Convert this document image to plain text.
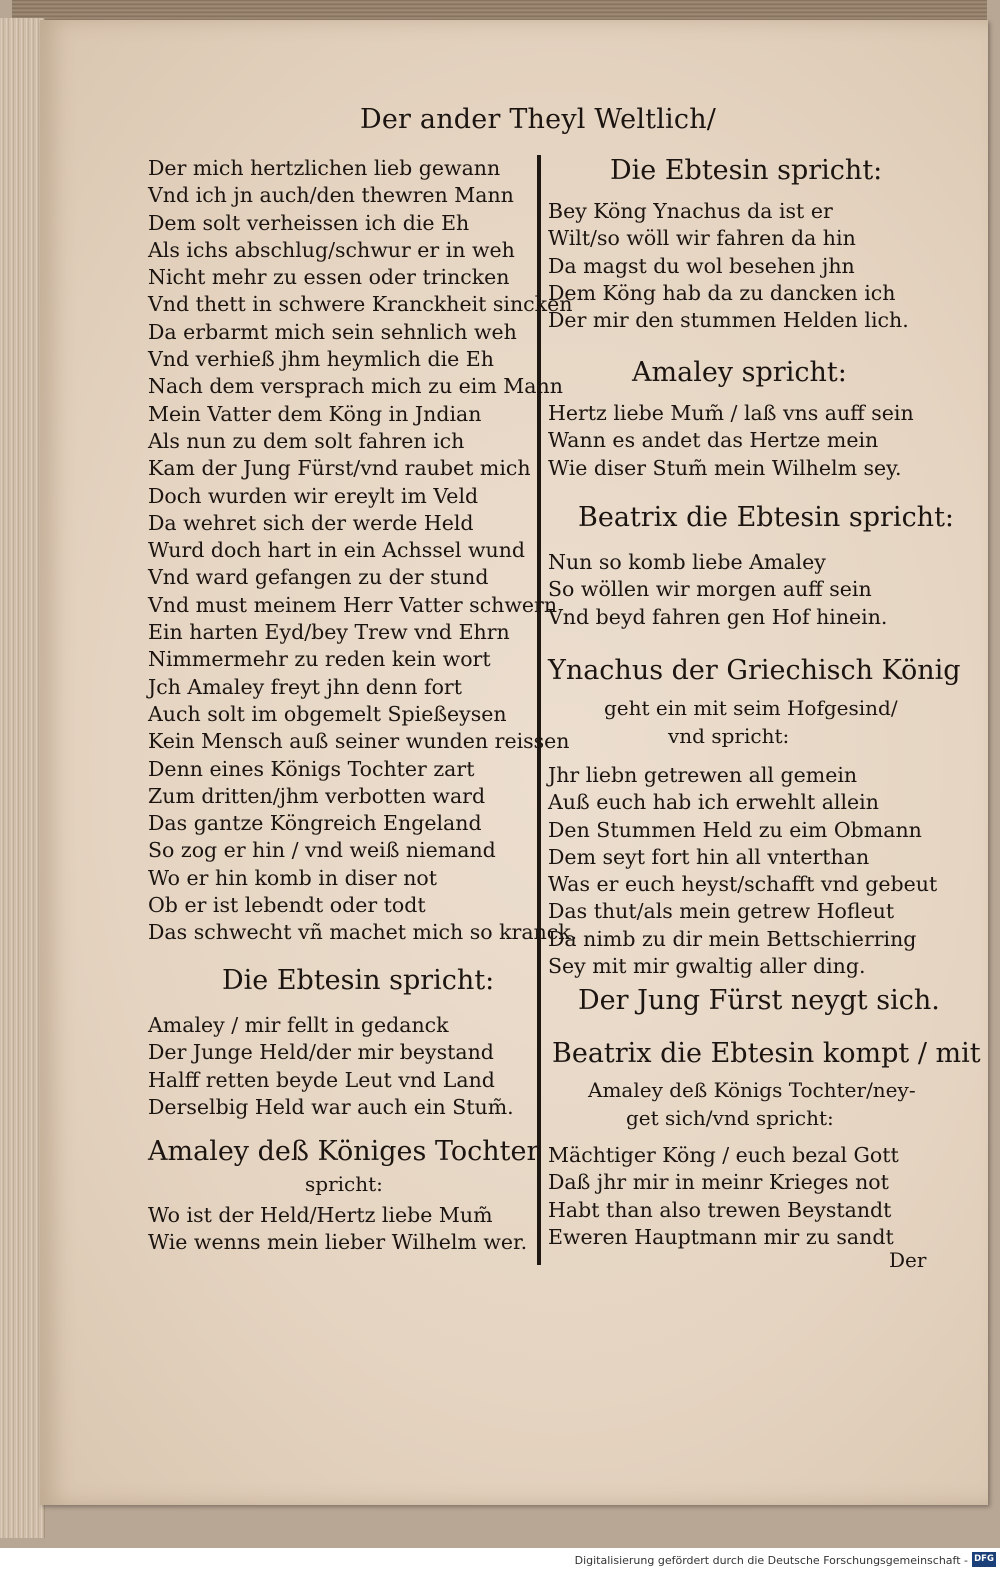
Der ander Theyl Weltlich/
Der mich hertzlichen lieb gewann
Vnd ich jn auch/den thewren Mann
Dem solt verheissen ich die Eh
Als ichs abschlug/schwur er in weh
Nicht mehr zu essen oder trincken
Vnd thett in schwere Kranckheit sincken
Da erbarmt mich sein sehnlich weh
Vnd verhieß jhm heymlich die Eh
Nach dem versprach mich zu eim Mann
Mein Vatter dem Köng in Jndian
Als nun zu dem solt fahren ich
Kam der Jung Fürst/vnd raubet mich
Doch wurden wir ereylt im Veld
Da wehret sich der werde Held
Wurd doch hart in ein Achssel wund
Vnd ward gefangen zu der stund
Vnd must meinem Herr Vatter schwern
Ein harten Eyd/bey Trew vnd Ehrn
Nimmermehr zu reden kein wort
Jch Amaley freyt jhn denn fort
Auch solt im obgemelt Spießeysen
Kein Mensch auß seiner wunden reissen
Denn eines Königs Tochter zart
Zum dritten/jhm verbotten ward
Das gantze Köngreich Engeland
So zog er hin / vnd weiß niemand
Wo er hin komb in diser not
Ob er ist lebendt oder todt
Das schwecht vñ machet mich so kranck.
Die Ebtesin spricht:
Amaley / mir fellt in gedanck
Der Junge Held/der mir beystand
Halff retten beyde Leut vnd Land
Derselbig Held war auch ein Stum̃.
Amaley deß Königes Tochter
spricht:
Wo ist der Held/Hertz liebe Mum̃
Wie wenns mein lieber Wilhelm wer.
Die Ebtesin spricht:
Bey Köng Ynachus da ist er
Wilt/so wöll wir fahren da hin
Da magst du wol besehen jhn
Dem Köng hab da zu dancken ich
Der mir den stummen Helden lich.
Amaley spricht:
Hertz liebe Mum̃ / laß vns auff sein
Wann es andet das Hertze mein
Wie diser Stum̃ mein Wilhelm sey.
Beatrix die Ebtesin spricht:
Nun so komb liebe Amaley
So wöllen wir morgen auff sein
Vnd beyd fahren gen Hof hinein.
Ynachus der Griechisch König
geht ein mit seim Hofgesind/
vnd spricht:
Jhr liebn getrewen all gemein
Auß euch hab ich erwehlt allein
Den Stummen Held zu eim Obmann
Dem seyt fort hin all vnterthan
Was er euch heyst/schafft vnd gebeut
Das thut/als mein getrew Hofleut
Da nimb zu dir mein Bettschierring
Sey mit mir gwaltig aller ding.
Der Jung Fürst neygt sich.
Beatrix die Ebtesin kompt / mit
Amaley deß Königs Tochter/ney-
get sich/vnd spricht:
Mächtiger Köng / euch bezal Gott
Daß jhr mir in meinr Krieges not
Habt than also trewen Beystandt
Eweren Hauptmann mir zu sandt
Der
Digitalisierung gefördert durch die Deutsche Forschungsgemeinschaft - DFG
